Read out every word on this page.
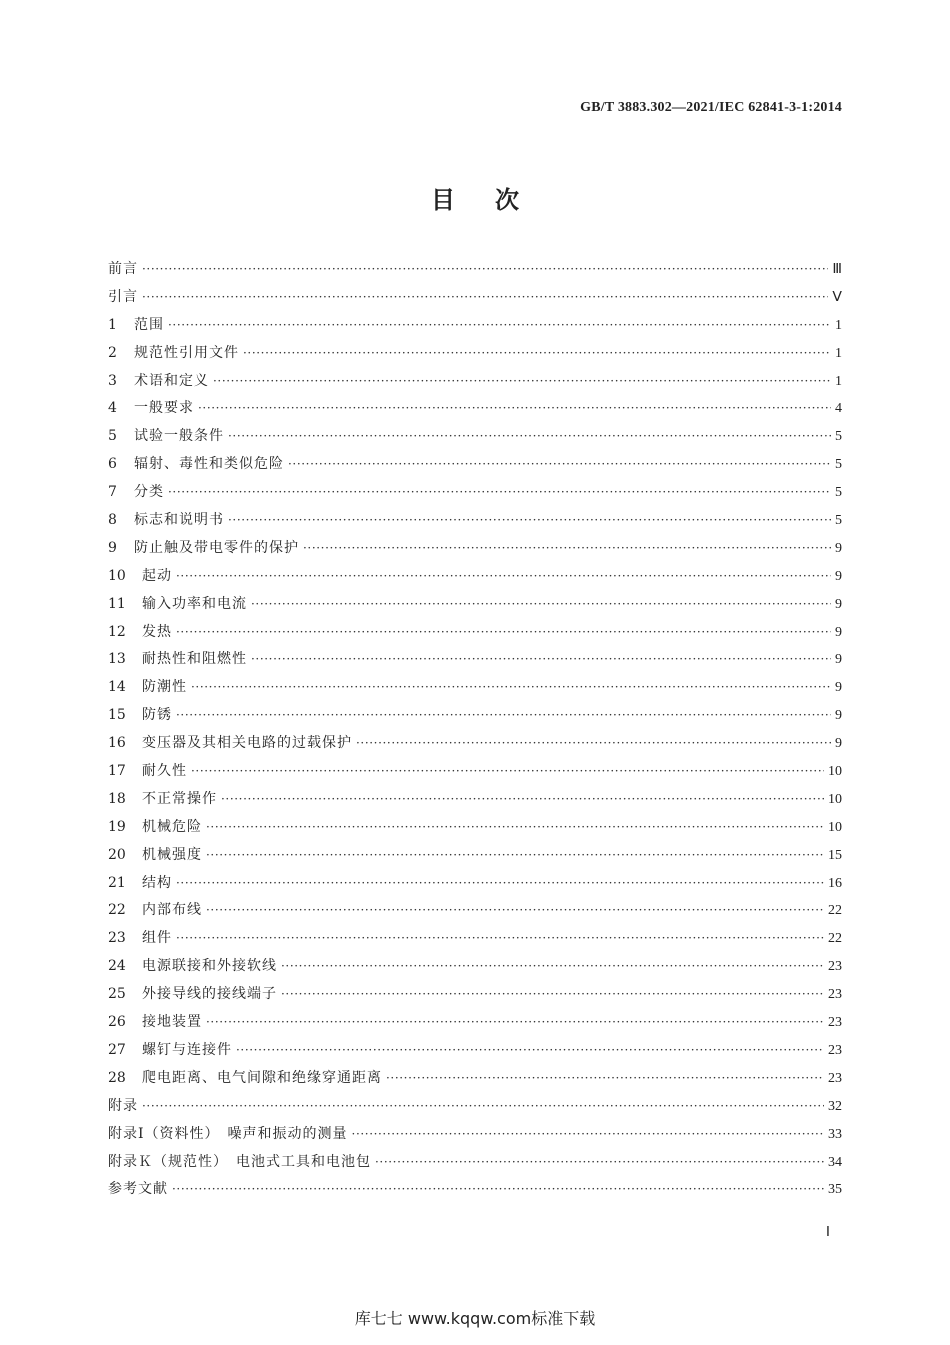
GB/T 3883.302—2021/IEC 62841-3-1:2014
目次
前言 ·····	Ⅲ
引言 ·····	Ⅴ
1	范围 ·····	1
2	规范性引用文件 ·····	1
3	术语和定义 ·····	1
4	一般要求 ·····	4
5	试验一般条件 ·····	5
6	辐射、毒性和类似危险 ·····	5
7	分类 ·····	5
8	标志和说明书 ·····	5
9	防止触及带电零件的保护 ·····	9
10	起动 ·····	9
11	输入功率和电流 ·····	9
12	发热 ·····	9
13	耐热性和阻燃性 ·····	9
14	防潮性 ·····	9
15	防锈 ·····	9
16	变压器及其相关电路的过载保护 ·····	9
17	耐久性 ·····	10
18	不正常操作 ·····	10
19	机械危险 ·····	10
20	机械强度 ·····	15
21	结构 ·····	16
22	内部布线 ·····	22
23	组件 ·····	22
24	电源联接和外接软线 ·····	23
25	外接导线的接线端子 ·····	23
26	接地装置 ·····	23
27	螺钉与连接件 ·····	23
28	爬电距离、电气间隙和绝缘穿通距离 ·····	23
附录 ·····	32
附录Ⅰ（资料性）　噪声和振动的测量 ·····	33
附录Ｋ（规范性）　电池式工具和电池包 ·····	34
参考文献 ·····	35
Ⅰ
库七七 www.kqqw.com标准下载
